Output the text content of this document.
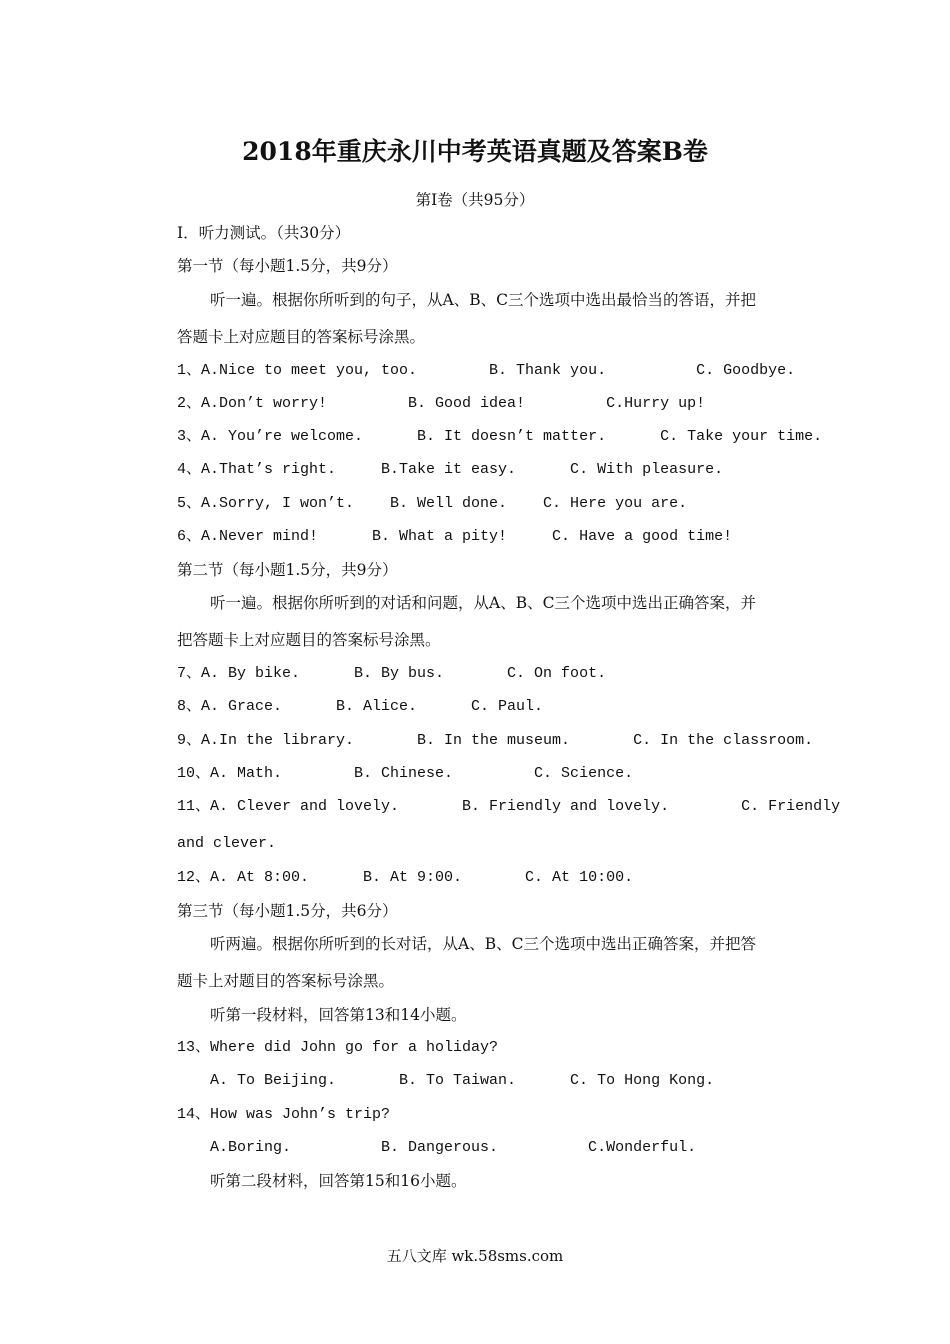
2018年重庆永川中考英语真题及答案B卷
第I卷（共95分）
I．听力测试。（共30分）
第一节（每小题1.5分，共9分）
听一遍。根据你所听到的句子，从A、B、C三个选项中选出最恰当的答语，并把
答题卡上对应题目的答案标号涂黑。
1、A.Nice to meet you, too.        B. Thank you.          C. Goodbye.
2、A.Don’t worry!         B. Good idea!         C.Hurry up!
3、A. You’re welcome.      B. It doesn’t matter.      C. Take your time.
4、A.That’s right.     B.Take it easy.      C. With pleasure.
5、A.Sorry, I won’t.    B. Well done.    C. Here you are.
6、A.Never mind!      B. What a pity!     C. Have a good time!
第二节（每小题1.5分，共9分）
听一遍。根据你所听到的对话和问题，从A、B、C三个选项中选出正确答案，并
把答题卡上对应题目的答案标号涂黑。
7、A. By bike.      B. By bus.       C. On foot.
8、A. Grace.      B. Alice.      C. Paul.
9、A.In the library.       B. In the museum.       C. In the classroom.
10、A. Math.        B. Chinese.         C. Science.
11、A. Clever and lovely.       B. Friendly and lovely.        C. Friendly
and clever.
12、A. At 8:00.      B. At 9:00.       C. At 10:00.
第三节（每小题1.5分，共6分）
听两遍。根据你所听到的长对话，从A、B、C三个选项中选出正确答案，并把答
题卡上对题目的答案标号涂黑。
听第一段材料，回答第13和14小题。
13、Where did John go for a holiday?
A. To Beijing.       B. To Taiwan.      C. To Hong Kong.
14、How was John’s trip?
A.Boring.          B. Dangerous.          C.Wonderful.
听第二段材料，回答第15和16小题。
五八文库 wk.58sms.com
